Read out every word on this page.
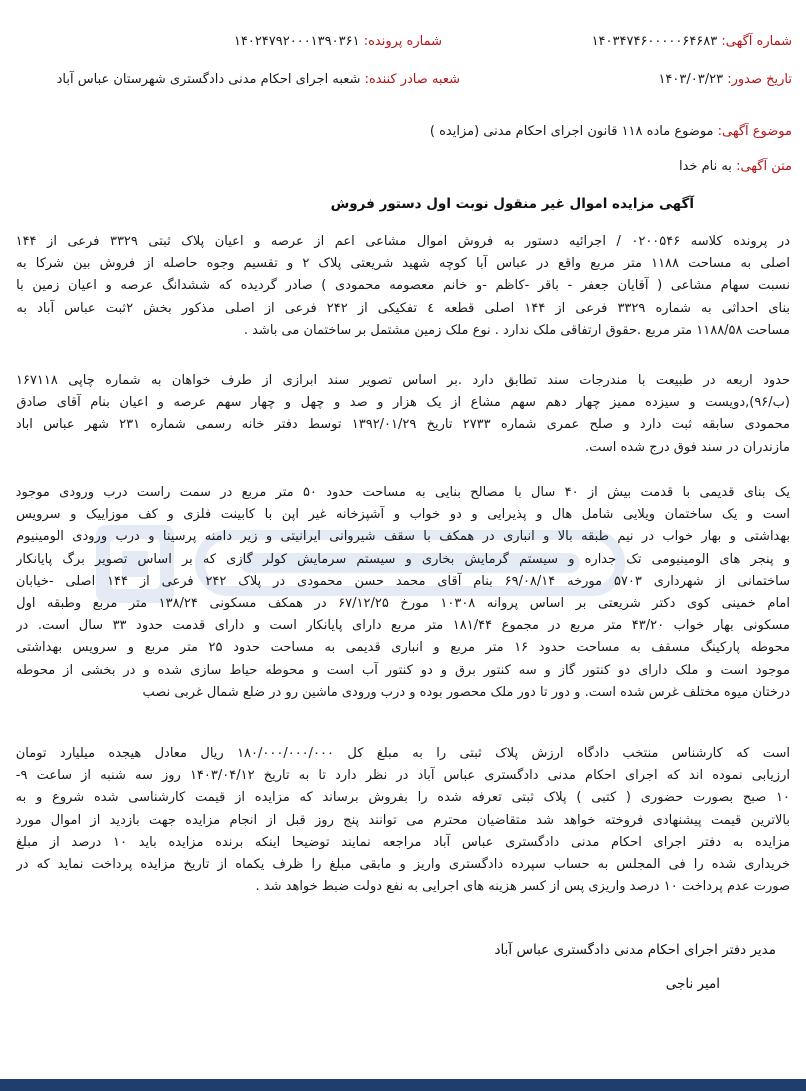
شماره آگهی: ۱۴۰۳۴۷۴۶۰۰۰۰۰۶۴۶۸۳
شماره پرونده: ۱۴۰۲۴۷۹۲۰۰۰۱۳۹۰۳۶۱
تاریخ صدور: ۱۴۰۳/۰۳/۲۳
شعبه صادر کننده: شعبه اجرای احکام مدنی دادگستری شهرستان عباس آباد
موضوع آگهی: موضوع ماده ۱۱۸ قانون اجرای احکام مدنی (مزایده )
متن آگهی: به نام خدا
آگهی مزایده اموال غیر منقول نوبت اول دستور فروش
در پرونده کلاسه ۰۲۰۰۵۴۶ / اجرائیه دستور به فروش اموال مشاعی اعم از عرصه و اعیان پلاک ثبتی ۳۳۲۹ فرعی از ۱۴۴
اصلی به مساحت ۱۱۸۸ متر مربع واقع در عباس آبا کوچه شهید شریعتی پلاک ۲ و تقسیم وجوه حاصله از فروش بین شرکا به
نسبت سهام مشاعی ( آقایان جعفر - باقر -کاظم -و خانم معصومه محمودی ) صادر گردیده که ششدانگ عرصه و اعیان زمین با
بنای احداثی به شماره ۳۳۲۹ فرعی از ۱۴۴ اصلی قطعه ٤ تفکیکی از ۲۴۲ فرعی از اصلی مذکور بخش ۲ثبت عباس آباد به
مساحت ۱۱۸۸/۵۸ متر مربع .حقوق ارتفاقی ملک ندارد . نوع ملک زمین مشتمل بر ساختمان می باشد .
حدود اربعه در طبیعت با مندرجات سند تطابق دارد .بر اساس تصویر سند ابرازی از طرف خواهان به شماره چاپی ۱۶۷۱۱۸
(ب/۹۶),دویست و سیزده ممیز چهار دهم سهم مشاع از یک هزار و صد و چهل و چهار سهم عرصه و اعیان بنام آقای صادق
محمودی سابقه ثبت دارد و صلح عمری شماره ۲۷۳۳ تاریخ ۱۳۹۲/۰۱/۲۹ توسط دفتر خانه رسمی شماره ۲۳۱ شهر عباس اباد
مازندران در سند فوق درج شده است.
یک بنای قدیمی با قدمت بیش از ۴۰ سال با مصالح بنایی به مساحت حدود ۵۰ متر مربع در سمت راست درب ورودی موجود
است و یک ساختمان ویلایی شامل هال و پذیرایی و دو خواب و آشپزخانه غیر اپن با کابینت فلزی و کف موزاییک و سرویس
بهداشتی و بهار خواب در نیم طبقه بالا و انباری در همکف با سقف شیروانی ایرانیتی و زیر دامنه پرسینا و درب ورودی الومینیوم
و پنجر های الومینیومی تک جداره و سیستم گرمایش بخاری و سیستم سرمایش کولر گازی که بر اساس تصویر برگ پایانکار
ساختمانی از شهرداری ۵۷۰۳ مورخه ۶۹/۰۸/۱۴ بنام آقای محمد حسن محمودی در پلاک ۲۴۲ فرعی از ۱۴۴ اصلی -خیابان
امام خمینی کوی دکتر شریعتی بر اساس پروانه ۱۰۳۰۸ مورخ ۶۷/۱۲/۲۵ در همکف مسکونی ۱۳۸/۲۴ متر مربع وطبقه اول
مسکونی بهار خواب ۴۳/۲۰ متر مربع در مجموع ۱۸۱/۴۴ متر مربع دارای پایانکار است و دارای قدمت حدود ۳۳ سال است. در
محوطه پارکینگ مسقف به مساحت حدود ۱۶ متر مربع و انباری قدیمی به مساحت حدود ۲۵ متر مربع و سرویس بهداشتی
موجود است و ملک دارای دو کنتور گاز و سه کنتور برق و دو کنتور آب است و محوطه حیاط سازی شده و در بخشی از محوطه
درختان میوه مختلف غرس شده است. و دور تا دور ملک محصور بوده و درب ورودی ماشین رو در ضلع شمال غربی نصب
است که کارشناس منتخب دادگاه ارزش پلاک ثبتی را به مبلغ کل ۱۸۰/۰۰۰/۰۰۰/۰۰۰ ریال معادل هیجده میلیارد تومان
ارزیابی نموده اند که اجرای احکام مدنی دادگستری عباس آباد در نظر دارد تا به تاریخ ۱۴۰۳/۰۴/۱۲ روز سه شنبه از ساعت ۹-
۱۰ صبح بصورت حضوری ( کتبی ) پلاک ثبتی تعرفه شده را بفروش برساند که مزایده از قیمت کارشناسی شده شروع و به
بالاترین قیمت پیشنهادی فروخته خواهد شد متقاضیان محترم می توانند پنج روز قبل از انجام مزایده جهت بازدید از اموال مورد
مزایده به دفتر اجرای احکام مدنی دادگستری عباس آباد مراجعه نمایند توضیحا اینکه برنده مزایده باید ۱۰ درصد از مبلغ
خریداری شده را فی المجلس به حساب سپرده دادگستری واریز و مابقی مبلغ را ظرف یکماه از تاریخ مزایده پرداخت نماید که در
صورت عدم پرداخت ۱۰ درصد واریزی پس از کسر هزینه های اجرایی به نفع دولت ضبط خواهد شد .
مدیر دفتر اجرای احکام مدنی دادگستری عباس آباد
امیر ناجی
